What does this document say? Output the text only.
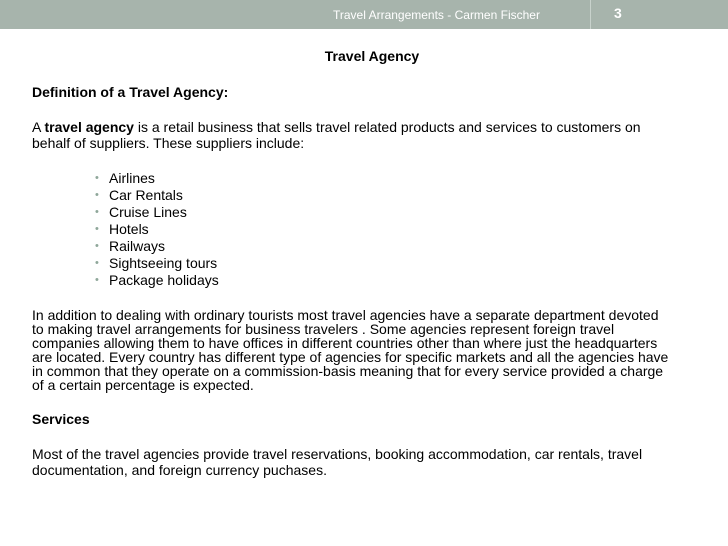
Travel Arrangements - Carmen Fischer	3
Travel Agency
Definition of a Travel Agency:
A travel agency is a retail business that sells travel related products and services to customers on behalf of suppliers. These suppliers include:
• Airlines
• Car Rentals
• Cruise Lines
• Hotels
• Railways
• Sightseeing tours
• Package holidays
In addition to dealing with ordinary tourists most travel agencies have a separate department devoted to making travel arrangements for business travelers . Some agencies represent foreign travel companies allowing them to have offices in different countries other than where just the headquarters are located. Every country has different type of agencies for specific markets and all the agencies have in common that they operate on a commission-basis meaning that for every service provided a charge of a certain percentage is expected.
Services
Most of the travel agencies provide travel reservations, booking accommodation, car rentals, travel documentation, and foreign currency puchases.
